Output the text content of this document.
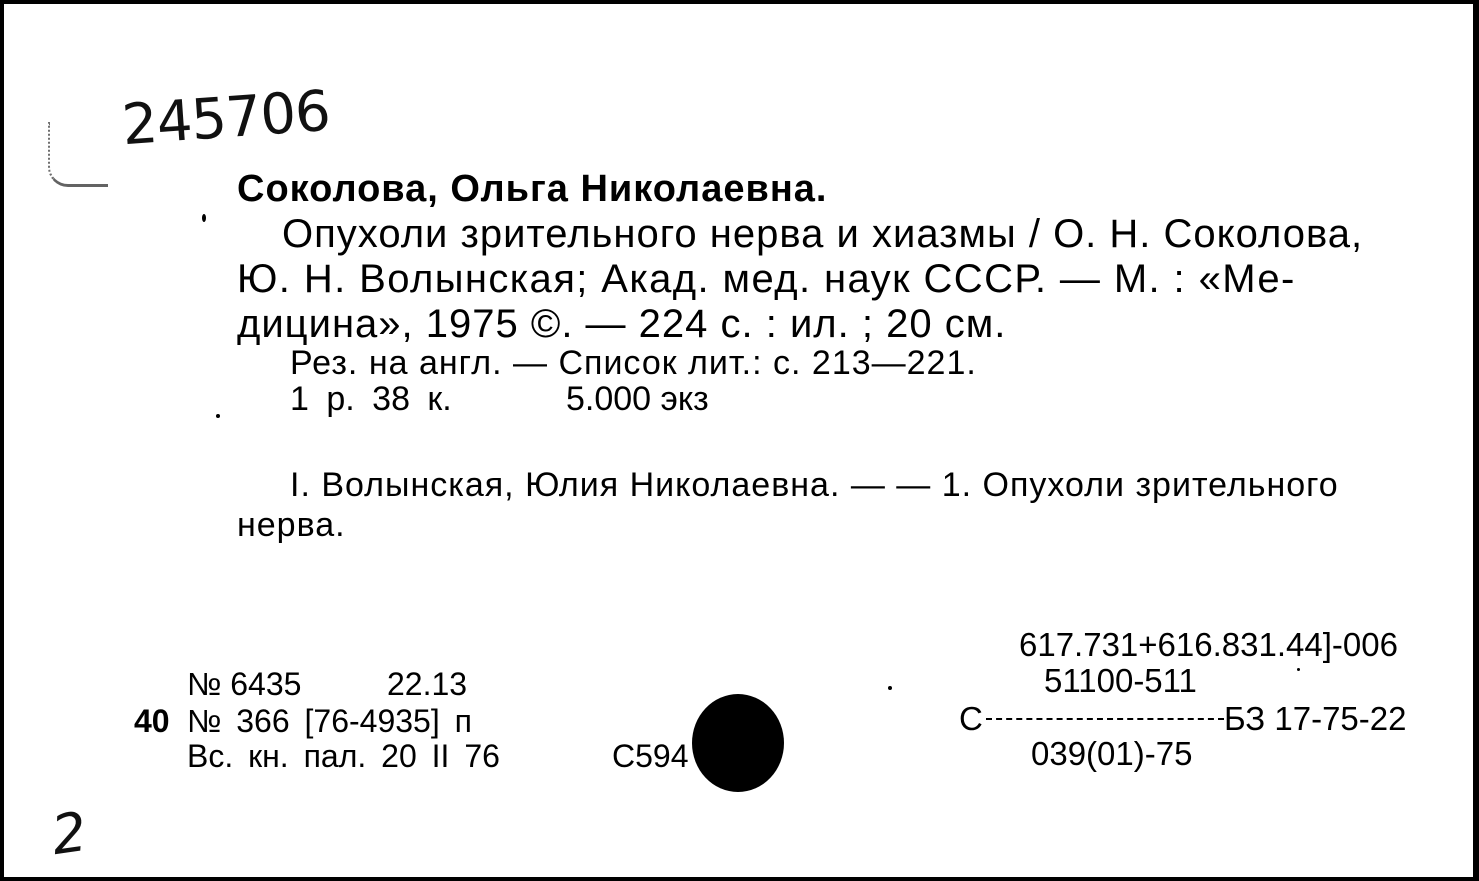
245706
Соколова, Ольга Николаевна.
Опухоли зрительного нерва и хиазмы / О. Н. Соколова,
Ю. Н. Волынская; Акад. мед. наук СССР. — М. : «Ме-
дицина», 1975 ©. — 224 с. : ил. ; 20 см.
Рез. на англ. — Список лит.: с. 213—221.
1 р. 38 к.	5.000 экз
I. Волынская, Юлия Николаевна. — — 1. Опухоли зрительного
нерва.
617.731+616.831.44]-006
51100-511
С	БЗ 17-75-22
039(01)-75
№ 6435	22.13
40 № 366 [76-4935] п
Вс. кн. пал. 20 II 76	С594
2
